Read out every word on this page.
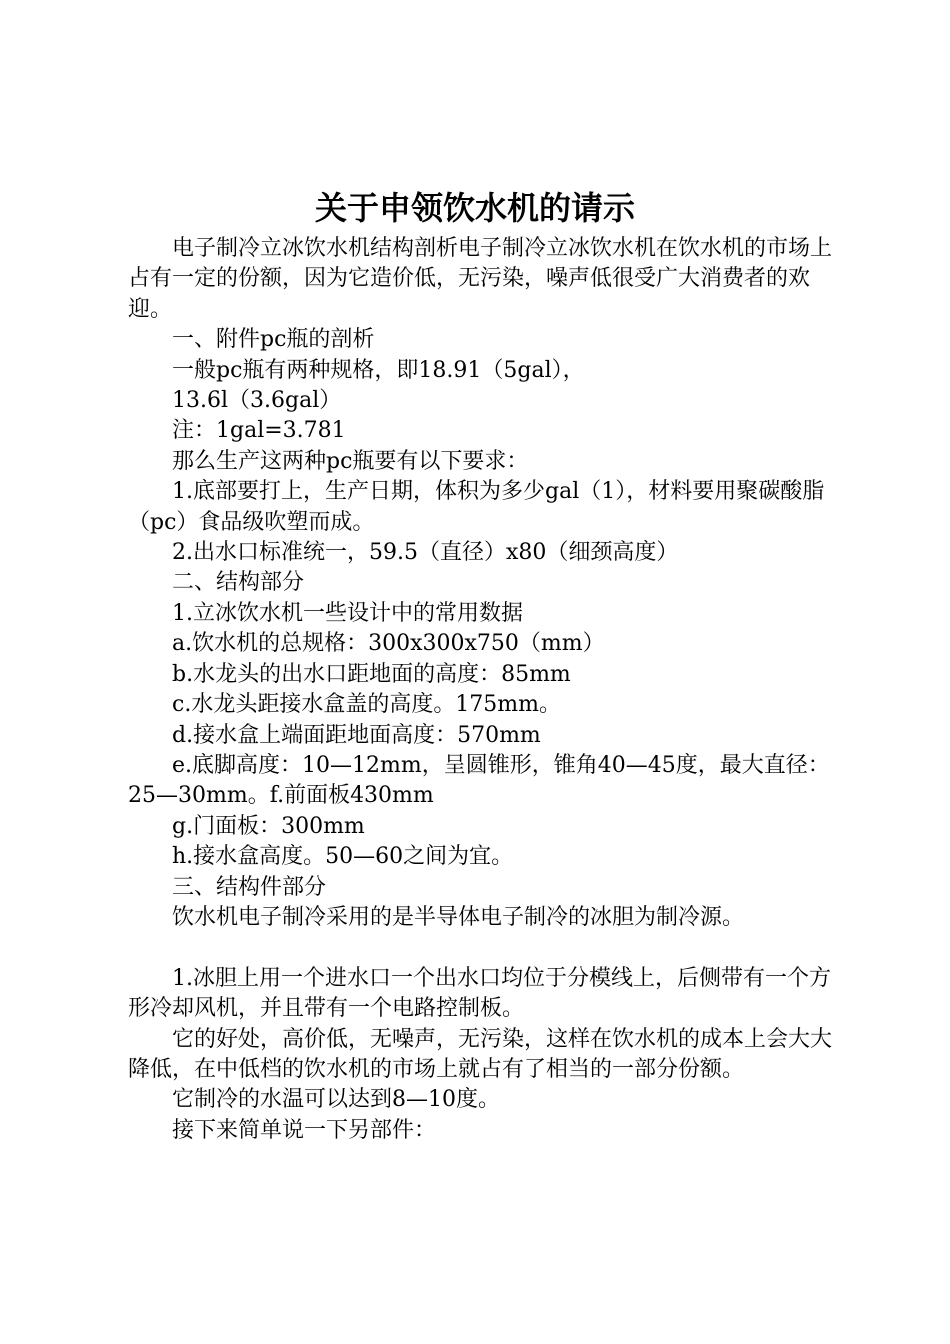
关于申领饮水机的请示

电子制冷立冰饮水机结构剖析电子制冷立冰饮水机在饮水机的市场上占有一定的份额，因为它造价低，无污染，噪声低很受广大消费者的欢迎。

一、附件pc瓶的剖析

一般pc瓶有两种规格，即18.91（5gal），

13.6l（3.6gal）

注：1gal=3.781

那么生产这两种pc瓶要有以下要求：

1.底部要打上，生产日期，体积为多少gal（1），材料要用聚碳酸脂（pc）食品级吹塑而成。

2.出水口标准统一，59.5（直径）x80（细颈高度）

二、结构部分

1.立冰饮水机一些设计中的常用数据

a.饮水机的总规格：300x300x750（mm）

b.水龙头的出水口距地面的高度：85mm

c.水龙头距接水盒盖的高度。175mm。

d.接水盒上端面距地面高度：570mm

e.底脚高度：10—12mm，呈圆锥形，锥角40—45度，最大直径：25—30mm。f.前面板430mm

g.门面板：300mm

h.接水盒高度。50—60之间为宜。

三、结构件部分

饮水机电子制冷采用的是半导体电子制冷的冰胆为制冷源。

1.冰胆上用一个进水口一个出水口均位于分模线上，后侧带有一个方形冷却风机，并且带有一个电路控制板。

它的好处，高价低，无噪声，无污染，这样在饮水机的成本上会大大降低，在中低档的饮水机的市场上就占有了相当的一部分份额。

它制冷的水温可以达到8—10度。

接下来简单说一下另部件：
